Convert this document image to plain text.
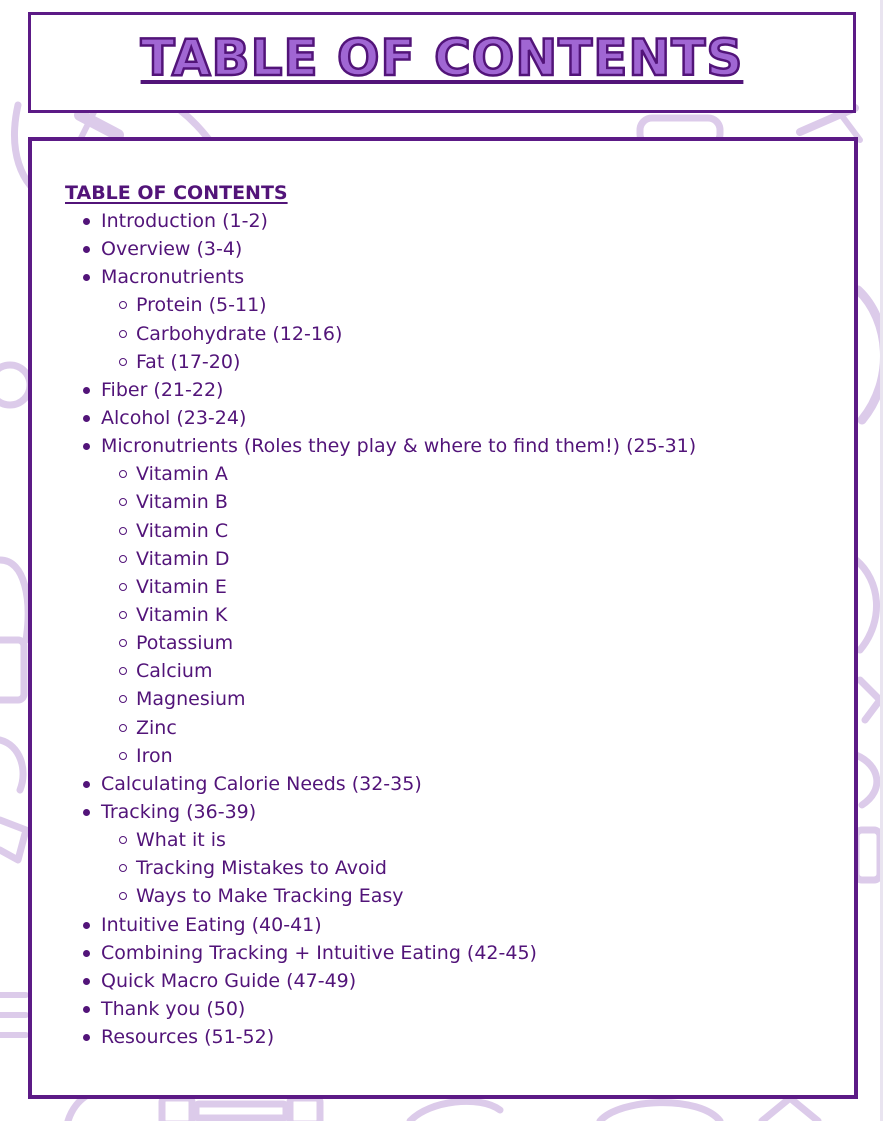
TABLE OF CONTENTS
TABLE OF CONTENTS
Introduction (1-2)
Overview (3-4)
Macronutrients
Protein (5-11)
Carbohydrate (12-16)
Fat (17-20)
Fiber (21-22)
Alcohol (23-24)
Micronutrients (Roles they play & where to find them!) (25-31)
Vitamin A
Vitamin B
Vitamin C
Vitamin D
Vitamin E
Vitamin K
Potassium
Calcium
Magnesium
Zinc
Iron
Calculating Calorie Needs (32-35)
Tracking (36-39)
What it is
Tracking Mistakes to Avoid
Ways to Make Tracking Easy
Intuitive Eating (40-41)
Combining Tracking + Intuitive Eating (42-45)
Quick Macro Guide (47-49)
Thank you (50)
Resources (51-52)
